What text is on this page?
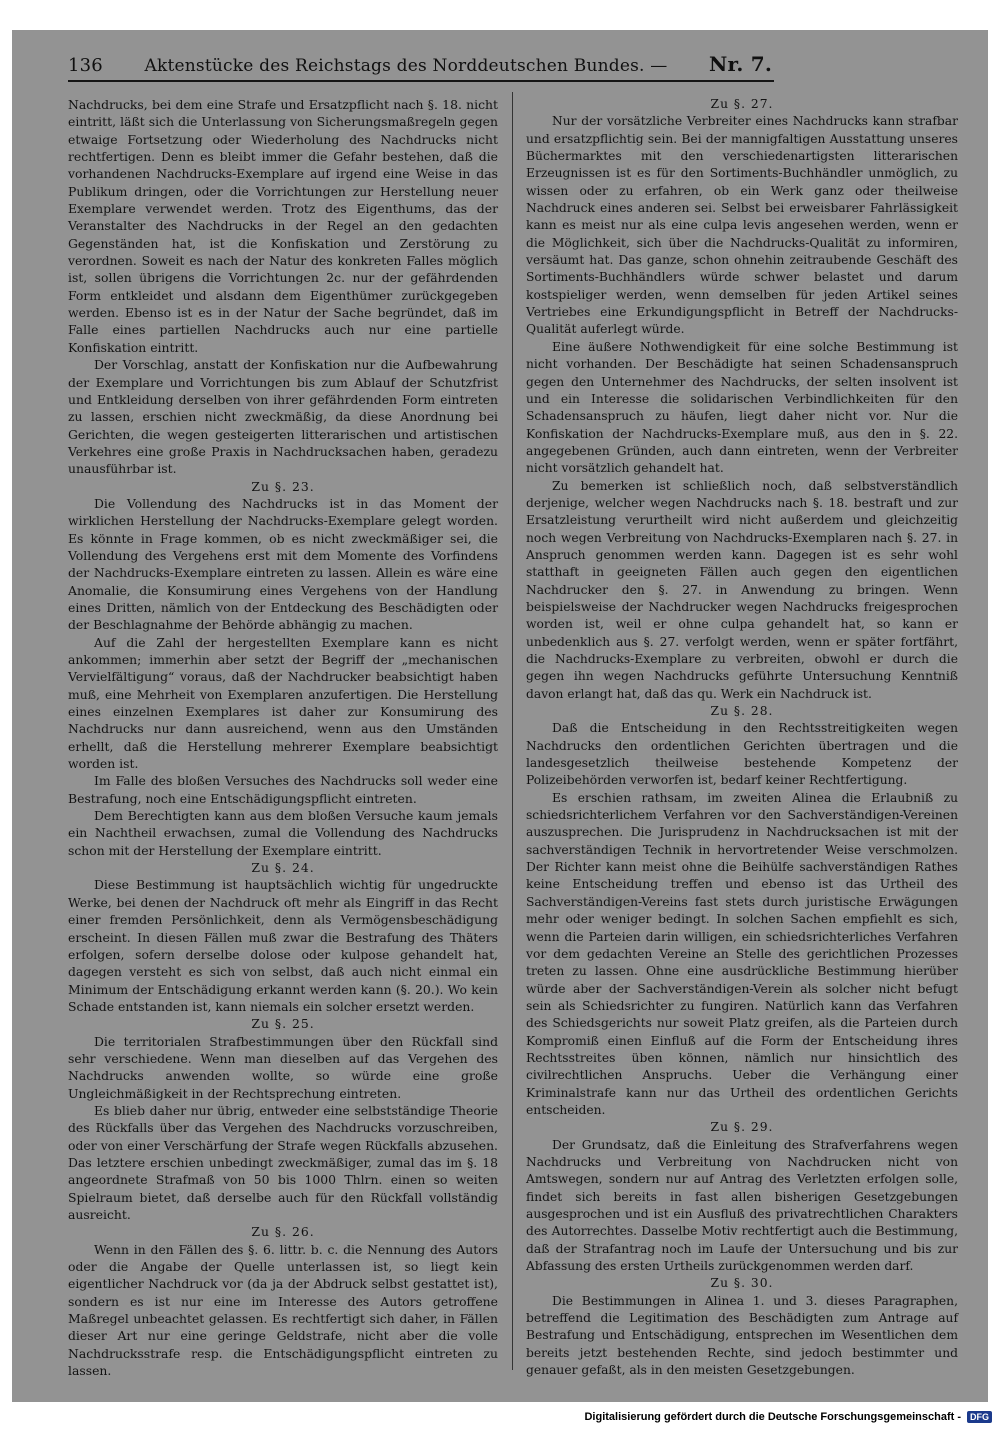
136 Aktenstücke des Reichstags des Norddeutschen Bundes. — Nr. 7.

Nachdrucks, bei dem eine Strafe und Ersatzpflicht nach §. 18. nicht eintritt, läßt sich die Unterlassung von Sicherungsmaßregeln gegen etwaige Fortsetzung oder Wiederholung des Nachdrucks nicht rechtfertigen. Denn es bleibt immer die Gefahr bestehen, daß die vorhandenen Nachdrucks-Exemplare auf irgend eine Weise in das Publikum dringen, oder die Vorrichtungen zur Herstellung neuer Exemplare verwendet werden. Trotz des Eigenthums, das der Veranstalter des Nachdrucks in der Regel an den gedachten Gegenständen hat, ist die Konfiskation und Zerstörung zu verordnen. Soweit es nach der Natur des konkreten Falles möglich ist, sollen übrigens die Vorrichtungen 2c. nur der gefährdenden Form entkleidet und alsdann dem Eigenthümer zurückgegeben werden. Ebenso ist es in der Natur der Sache begründet, daß im Falle eines partiellen Nachdrucks auch nur eine partielle Konfiskation eintritt.

Der Vorschlag, anstatt der Konfiskation nur die Aufbewahrung der Exemplare und Vorrichtungen bis zum Ablauf der Schutzfrist und Entkleidung derselben von ihrer gefährdenden Form eintreten zu lassen, erschien nicht zweckmäßig, da diese Anordnung bei Gerichten, die wegen gesteigerten litterarischen und artistischen Verkehres eine große Praxis in Nachdrucksachen haben, geradezu unausführbar ist.

Zu §. 23.

Die Vollendung des Nachdrucks ist in das Moment der wirklichen Herstellung der Nachdrucks-Exemplare gelegt worden. Es könnte in Frage kommen, ob es nicht zweckmäßiger sei, die Vollendung des Vergehens erst mit dem Momente des Vorfindens der Nachdrucks-Exemplare eintreten zu lassen. Allein es wäre eine Anomalie, die Konsumirung eines Vergehens von der Handlung eines Dritten, nämlich von der Entdeckung des Beschädigten oder der Beschlagnahme der Behörde abhängig zu machen.

Auf die Zahl der hergestellten Exemplare kann es nicht ankommen; immerhin aber setzt der Begriff der „mechanischen Vervielfältigung“ voraus, daß der Nachdrucker beabsichtigt haben muß, eine Mehrheit von Exemplaren anzufertigen. Die Herstellung eines einzelnen Exemplares ist daher zur Konsumirung des Nachdrucks nur dann ausreichend, wenn aus den Umständen erhellt, daß die Herstellung mehrerer Exemplare beabsichtigt worden ist.

Im Falle des bloßen Versuches des Nachdrucks soll weder eine Bestrafung, noch eine Entschädigungspflicht eintreten.

Dem Berechtigten kann aus dem bloßen Versuche kaum jemals ein Nachtheil erwachsen, zumal die Vollendung des Nachdrucks schon mit der Herstellung der Exemplare eintritt.

Zu §. 24.

Diese Bestimmung ist hauptsächlich wichtig für ungedruckte Werke, bei denen der Nachdruck oft mehr als Eingriff in das Recht einer fremden Persönlichkeit, denn als Vermögensbeschädigung erscheint. In diesen Fällen muß zwar die Bestrafung des Thäters erfolgen, sofern derselbe dolose oder kulpose gehandelt hat, dagegen versteht es sich von selbst, daß auch nicht einmal ein Minimum der Entschädigung erkannt werden kann (§. 20.). Wo kein Schade entstanden ist, kann niemals ein solcher ersetzt werden.

Zu §. 25.

Die territorialen Strafbestimmungen über den Rückfall sind sehr verschiedene. Wenn man dieselben auf das Vergehen des Nachdrucks anwenden wollte, so würde eine große Ungleichmäßigkeit in der Rechtsprechung eintreten.

Es blieb daher nur übrig, entweder eine selbstständige Theorie des Rückfalls über das Vergehen des Nachdrucks vorzuschreiben, oder von einer Verschärfung der Strafe wegen Rückfalls abzusehen. Das letztere erschien unbedingt zweckmäßiger, zumal das im §. 18 angeordnete Strafmaß von 50 bis 1000 Thlrn. einen so weiten Spielraum bietet, daß derselbe auch für den Rückfall vollständig ausreicht.

Zu §. 26.

Wenn in den Fällen des §. 6. littr. b. c. die Nennung des Autors oder die Angabe der Quelle unterlassen ist, so liegt kein eigentlicher Nachdruck vor (da ja der Abdruck selbst gestattet ist), sondern es ist nur eine im Interesse des Autors getroffene Maßregel unbeachtet gelassen. Es rechtfertigt sich daher, in Fällen dieser Art nur eine geringe Geldstrafe, nicht aber die volle Nachdrucksstrafe resp. die Entschädigungspflicht eintreten zu lassen.

Zu §. 27.

Nur der vorsätzliche Verbreiter eines Nachdrucks kann strafbar und ersatzpflichtig sein. Bei der mannigfaltigen Ausstattung unseres Büchermarktes mit den verschiedenartigsten litterarischen Erzeugnissen ist es für den Sortiments-Buchhändler unmöglich, zu wissen oder zu erfahren, ob ein Werk ganz oder theilweise Nachdruck eines anderen sei. Selbst bei erweisbarer Fahrlässigkeit kann es meist nur als eine culpa levis angesehen werden, wenn er die Möglichkeit, sich über die Nachdrucks-Qualität zu informiren, versäumt hat. Das ganze, schon ohnehin zeitraubende Geschäft des Sortiments-Buchhändlers würde schwer belastet und darum kostspieliger werden, wenn demselben für jeden Artikel seines Vertriebes eine Erkundigungspflicht in Betreff der Nachdrucks-Qualität auferlegt würde.

Eine äußere Nothwendigkeit für eine solche Bestimmung ist nicht vorhanden. Der Beschädigte hat seinen Schadensanspruch gegen den Unternehmer des Nachdrucks, der selten insolvent ist und ein Interesse die solidarischen Verbindlichkeiten für den Schadensanspruch zu häufen, liegt daher nicht vor. Nur die Konfiskation der Nachdrucks-Exemplare muß, aus den in §. 22. angegebenen Gründen, auch dann eintreten, wenn der Verbreiter nicht vorsätzlich gehandelt hat.

Zu bemerken ist schließlich noch, daß selbstverständlich derjenige, welcher wegen Nachdrucks nach §. 18. bestraft und zur Ersatzleistung verurtheilt wird nicht außerdem und gleichzeitig noch wegen Verbreitung von Nachdrucks-Exemplaren nach §. 27. in Anspruch genommen werden kann. Dagegen ist es sehr wohl statthaft in geeigneten Fällen auch gegen den eigentlichen Nachdrucker den §. 27. in Anwendung zu bringen. Wenn beispielsweise der Nachdrucker wegen Nachdrucks freigesprochen worden ist, weil er ohne culpa gehandelt hat, so kann er unbedenklich aus §. 27. verfolgt werden, wenn er später fortfährt, die Nachdrucks-Exemplare zu verbreiten, obwohl er durch die gegen ihn wegen Nachdrucks geführte Untersuchung Kenntniß davon erlangt hat, daß das qu. Werk ein Nachdruck ist.

Zu §. 28.

Daß die Entscheidung in den Rechtsstreitigkeiten wegen Nachdrucks den ordentlichen Gerichten übertragen und die landesgesetzlich theilweise bestehende Kompetenz der Polizeibehörden verworfen ist, bedarf keiner Rechtfertigung.

Es erschien rathsam, im zweiten Alinea die Erlaubniß zu schiedsrichterlichem Verfahren vor den Sachverständigen-Vereinen auszusprechen. Die Jurisprudenz in Nachdrucksachen ist mit der sachverständigen Technik in hervortretender Weise verschmolzen. Der Richter kann meist ohne die Beihülfe sachverständigen Rathes keine Entscheidung treffen und ebenso ist das Urtheil des Sachverständigen-Vereins fast stets durch juristische Erwägungen mehr oder weniger bedingt. In solchen Sachen empfiehlt es sich, wenn die Parteien darin willigen, ein schiedsrichterliches Verfahren vor dem gedachten Vereine an Stelle des gerichtlichen Prozesses treten zu lassen. Ohne eine ausdrückliche Bestimmung hierüber würde aber der Sachverständigen-Verein als solcher nicht befugt sein als Schiedsrichter zu fungiren. Natürlich kann das Verfahren des Schiedsgerichts nur soweit Platz greifen, als die Parteien durch Kompromiß einen Einfluß auf die Form der Entscheidung ihres Rechtsstreites üben können, nämlich nur hinsichtlich des civilrechtlichen Anspruchs. Ueber die Verhängung einer Kriminalstrafe kann nur das Urtheil des ordentlichen Gerichts entscheiden.

Zu §. 29.

Der Grundsatz, daß die Einleitung des Strafverfahrens wegen Nachdrucks und Verbreitung von Nachdrucken nicht von Amtswegen, sondern nur auf Antrag des Verletzten erfolgen solle, findet sich bereits in fast allen bisherigen Gesetzgebungen ausgesprochen und ist ein Ausfluß des privatrechtlichen Charakters des Autorrechtes. Dasselbe Motiv rechtfertigt auch die Bestimmung, daß der Strafantrag noch im Laufe der Untersuchung und bis zur Abfassung des ersten Urtheils zurückgenommen werden darf.

Zu §. 30.

Die Bestimmungen in Alinea 1. und 3. dieses Paragraphen, betreffend die Legitimation des Beschädigten zum Antrage auf Bestrafung und Entschädigung, entsprechen im Wesentlichen dem bereits jetzt bestehenden Rechte, sind jedoch bestimmter und genauer gefaßt, als in den meisten Gesetzgebungen.

Digitalisierung gefördert durch die Deutsche Forschungsgemeinschaft -	DFG
